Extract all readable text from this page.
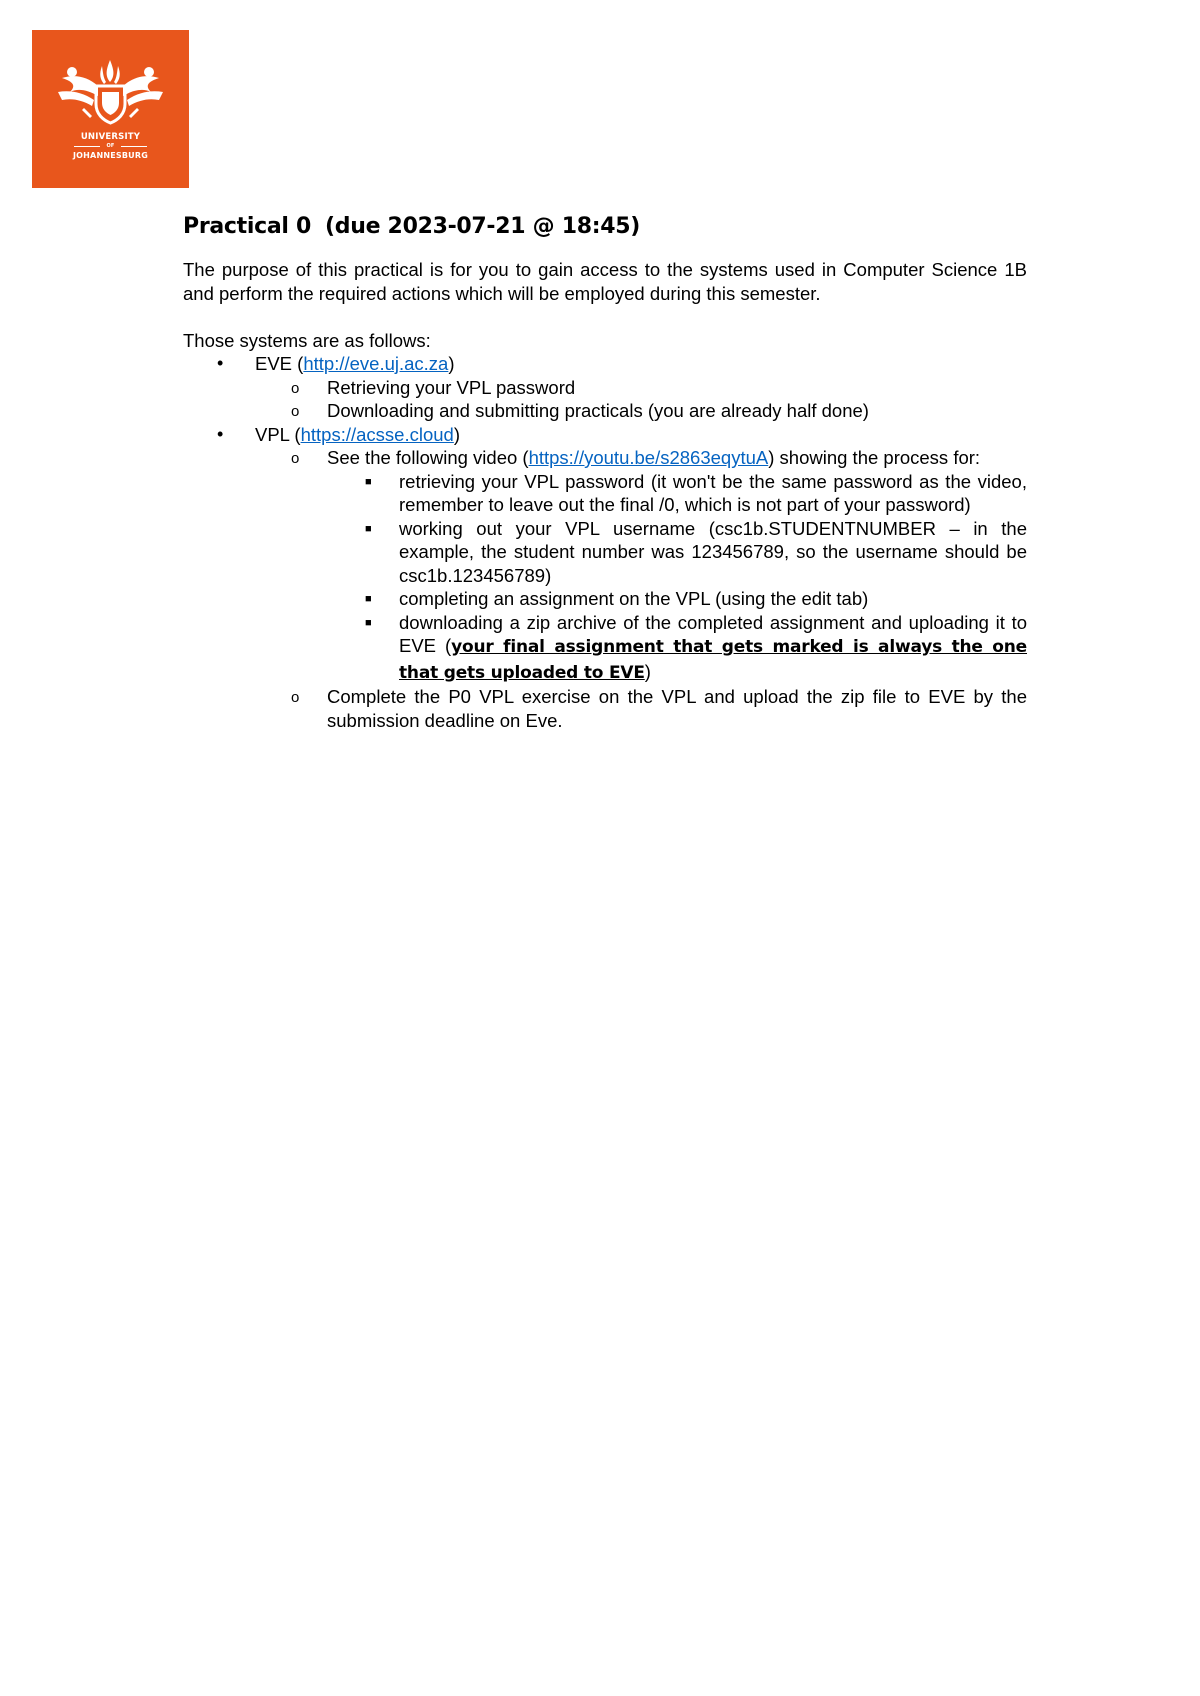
UNIVERSITY
OF
JOHANNESBURG
Practical 0 (due 2023-07-21 @ 18:45)

The purpose of this practical is for you to gain access to the systems used in Computer Science 1B and perform the required actions which will be employed during this semester.

Those systems are as follows:

• EVE (http://eve.uj.ac.za)
o Retrieving your VPL password
o Downloading and submitting practicals (you are already half done)
• VPL (https://acsse.cloud)
o See the following video (https://youtu.be/s2863eqytuA) showing the process for:
■ retrieving your VPL password (it won't be the same password as the video, remember to leave out the final /0, which is not part of your password)
■ working out your VPL username (csc1b.STUDENTNUMBER – in the example, the student number was 123456789, so the username should be csc1b.123456789)
■ completing an assignment on the VPL (using the edit tab)
■ downloading a zip archive of the completed assignment and uploading it to EVE (your final assignment that gets marked is always the one that gets uploaded to EVE)
o Complete the P0 VPL exercise on the VPL and upload the zip file to EVE by the submission deadline on Eve.
